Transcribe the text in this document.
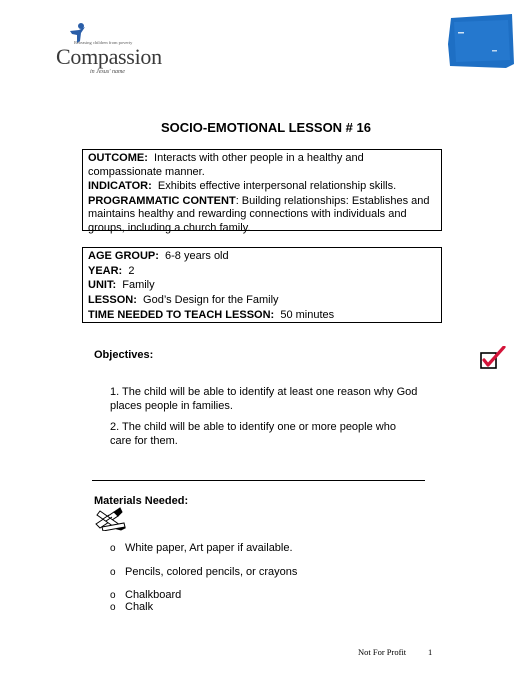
Releasing children from poverty
Compassion
in Jesus' name
SOCIO-EMOTIONAL LESSON # 16

OUTCOME: Interacts with other people in a healthy and compassionate manner.

INDICATOR: Exhibits effective interpersonal relationship skills.

PROGRAMMATIC CONTENT: Building relationships: Establishes and maintains healthy and rewarding connections with individuals and groups, including a church family.

AGE GROUP: 6-8 years old

YEAR: 2

UNIT: Family

LESSON: God’s Design for the Family

TIME NEEDED TO TEACH LESSON: 50 minutes

Objectives:
1. The child will be able to identify at least one reason why God places people in families.
2. The child will be able to identify one or more people who care for them.
Materials Needed:
o White paper, Art paper if available.
o Pencils, colored pencils, or crayons
o Chalkboard
o Chalk
Not For Profit	1
